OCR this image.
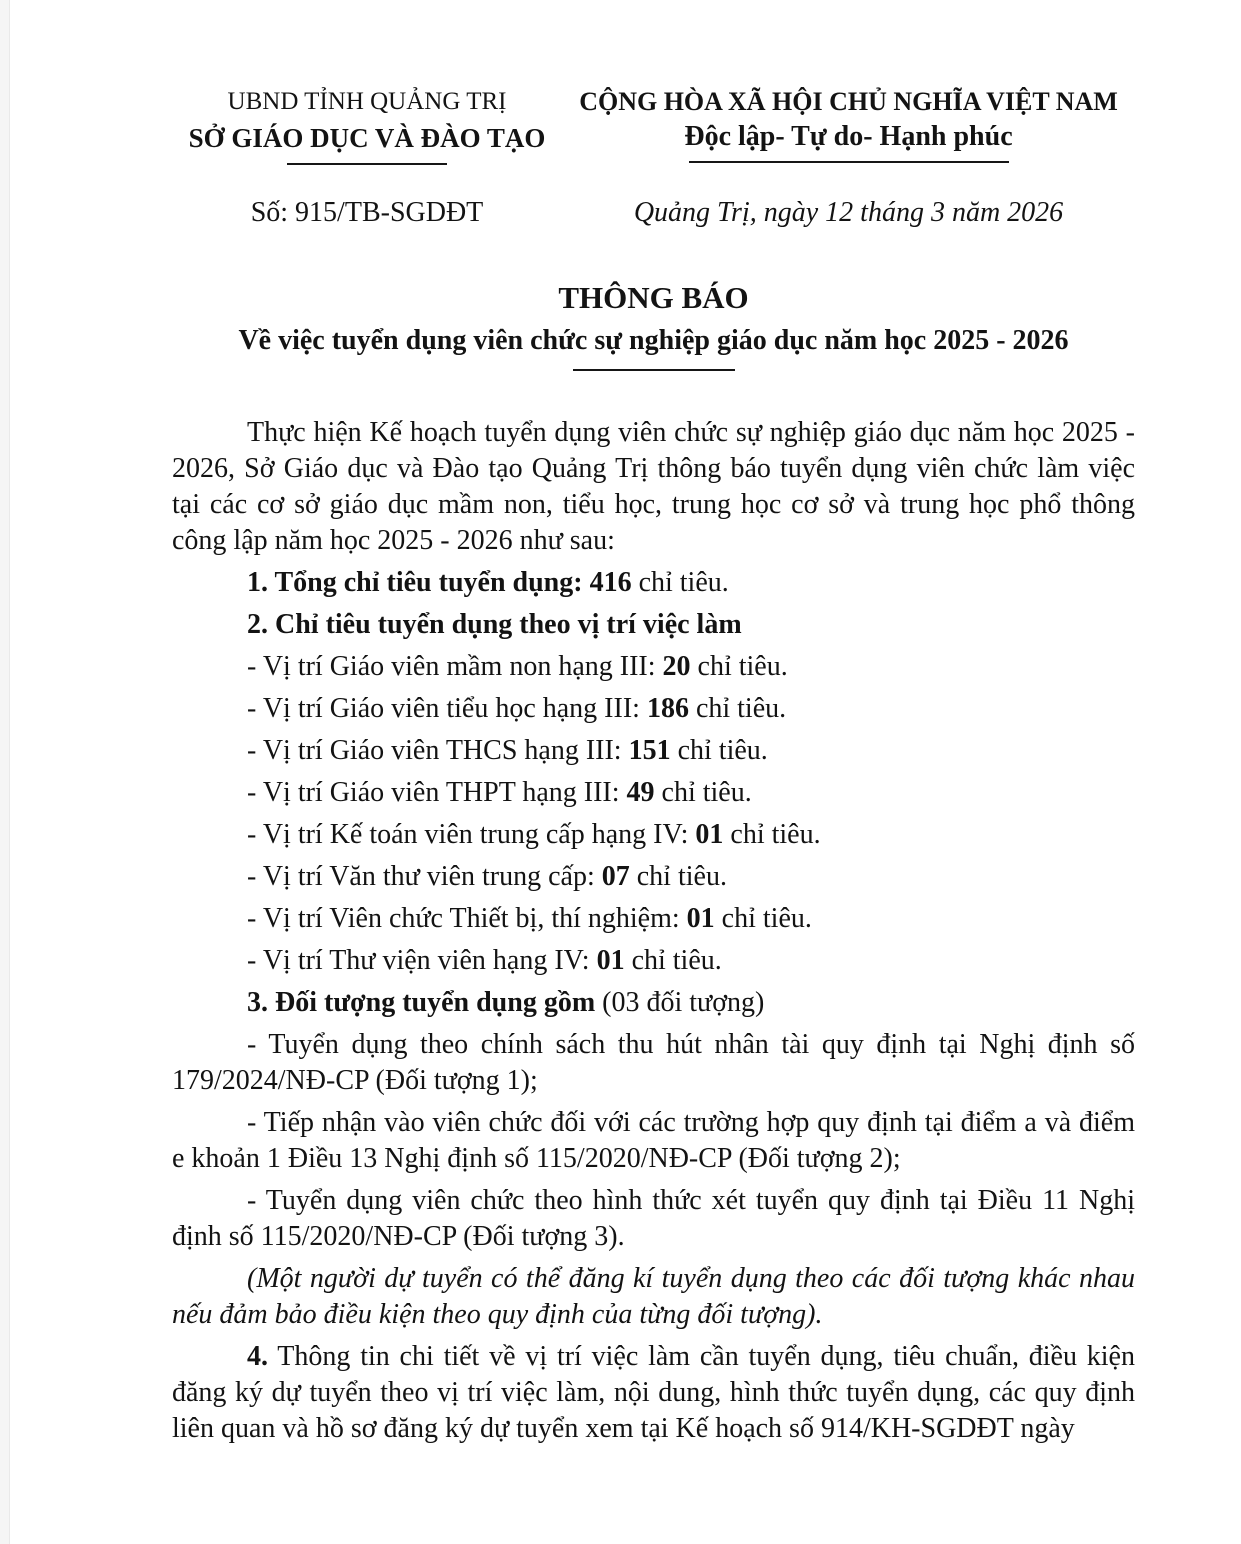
UBND TỈNH QUẢNG TRỊ
SỞ GIÁO DỤC VÀ ĐÀO TẠO
CỘNG HÒA XÃ HỘI CHỦ NGHĨA VIỆT NAM
Độc lập- Tự do- Hạnh phúc
Số: 915/TB-SGDĐT	Quảng Trị, ngày 12 tháng 3 năm 2026
THÔNG BÁO
Về việc tuyển dụng viên chức sự nghiệp giáo dục năm học 2025 - 2026

Thực hiện Kế hoạch tuyển dụng viên chức sự nghiệp giáo dục năm học 2025 - 2026, Sở Giáo dục và Đào tạo Quảng Trị thông báo tuyển dụng viên chức làm việc tại các cơ sở giáo dục mầm non, tiểu học, trung học cơ sở và trung học phổ thông công lập năm học 2025 - 2026 như sau:

1. Tổng chỉ tiêu tuyển dụng: 416 chỉ tiêu.

2. Chỉ tiêu tuyển dụng theo vị trí việc làm

- Vị trí Giáo viên mầm non hạng III: 20 chỉ tiêu.

- Vị trí Giáo viên tiểu học hạng III: 186 chỉ tiêu.

- Vị trí Giáo viên THCS hạng III: 151 chỉ tiêu.

- Vị trí Giáo viên THPT hạng III: 49 chỉ tiêu.

- Vị trí Kế toán viên trung cấp hạng IV: 01 chỉ tiêu.

- Vị trí Văn thư viên trung cấp: 07 chỉ tiêu.

- Vị trí Viên chức Thiết bị, thí nghiệm: 01 chỉ tiêu.

- Vị trí Thư viện viên hạng IV: 01 chỉ tiêu.

3. Đối tượng tuyển dụng gồm (03 đối tượng)

- Tuyển dụng theo chính sách thu hút nhân tài quy định tại Nghị định số 179/2024/NĐ-CP (Đối tượng 1);

- Tiếp nhận vào viên chức đối với các trường hợp quy định tại điểm a và điểm e khoản 1 Điều 13 Nghị định số 115/2020/NĐ-CP (Đối tượng 2);

- Tuyển dụng viên chức theo hình thức xét tuyển quy định tại Điều 11 Nghị định số 115/2020/NĐ-CP (Đối tượng 3).

(Một người dự tuyển có thể đăng kí tuyển dụng theo các đối tượng khác nhau nếu đảm bảo điều kiện theo quy định của từng đối tượng).

4. Thông tin chi tiết về vị trí việc làm cần tuyển dụng, tiêu chuẩn, điều kiện đăng ký dự tuyển theo vị trí việc làm, nội dung, hình thức tuyển dụng, các quy định liên quan và hồ sơ đăng ký dự tuyển xem tại Kế hoạch số 914/KH-SGDĐT ngày
